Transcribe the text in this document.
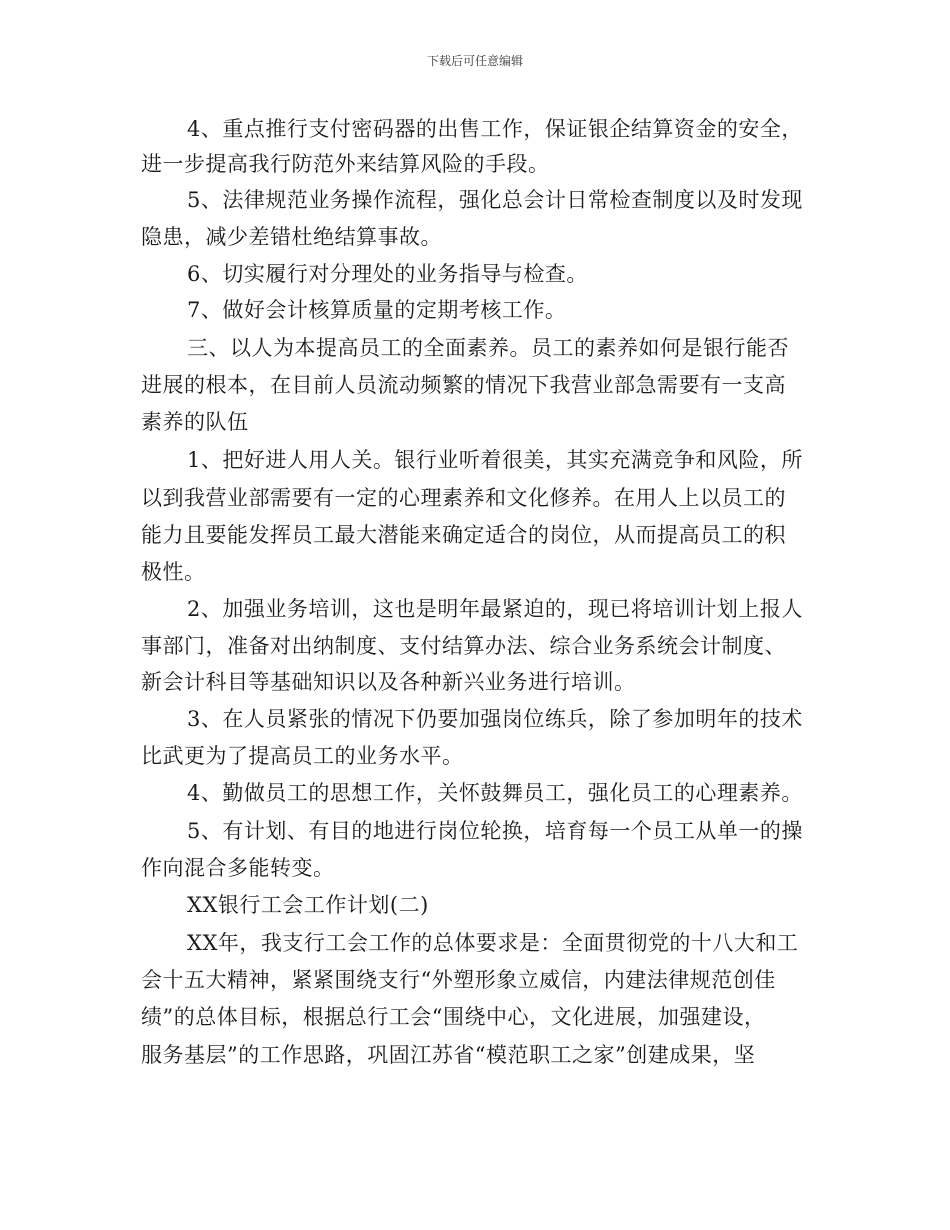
下载后可任意编辑
4、重点推行支付密码器的出售工作，保证银企结算资金的安全，
进一步提高我行防范外来结算风险的手段。
5、法律规范业务操作流程，强化总会计日常检查制度以及时发现
隐患，减少差错杜绝结算事故。
6、切实履行对分理处的业务指导与检查。
7、做好会计核算质量的定期考核工作。
三、以人为本提高员工的全面素养。员工的素养如何是银行能否
进展的根本，在目前人员流动频繁的情况下我营业部急需要有一支高
素养的队伍
1、把好进人用人关。银行业听着很美，其实充满竞争和风险，所
以到我营业部需要有一定的心理素养和文化修养。在用人上以员工的
能力且要能发挥员工最大潜能来确定适合的岗位，从而提高员工的积
极性。
2、加强业务培训，这也是明年最紧迫的，现已将培训计划上报人
事部门，准备对出纳制度、支付结算办法、综合业务系统会计制度、
新会计科目等基础知识以及各种新兴业务进行培训。
3、在人员紧张的情况下仍要加强岗位练兵，除了参加明年的技术
比武更为了提高员工的业务水平。
4、勤做员工的思想工作，关怀鼓舞员工，强化员工的心理素养。
5、有计划、有目的地进行岗位轮换，培育每一个员工从单一的操
作向混合多能转变。
XX银行工会工作计划(二)
XX年，我支行工会工作的总体要求是：全面贯彻党的十八大和工
会十五大精神，紧紧围绕支行“外塑形象立威信，内建法律规范创佳
绩”的总体目标，根据总行工会“围绕中心，文化进展，加强建设，
服务基层”的工作思路，巩固江苏省“模范职工之家”创建成果，坚
